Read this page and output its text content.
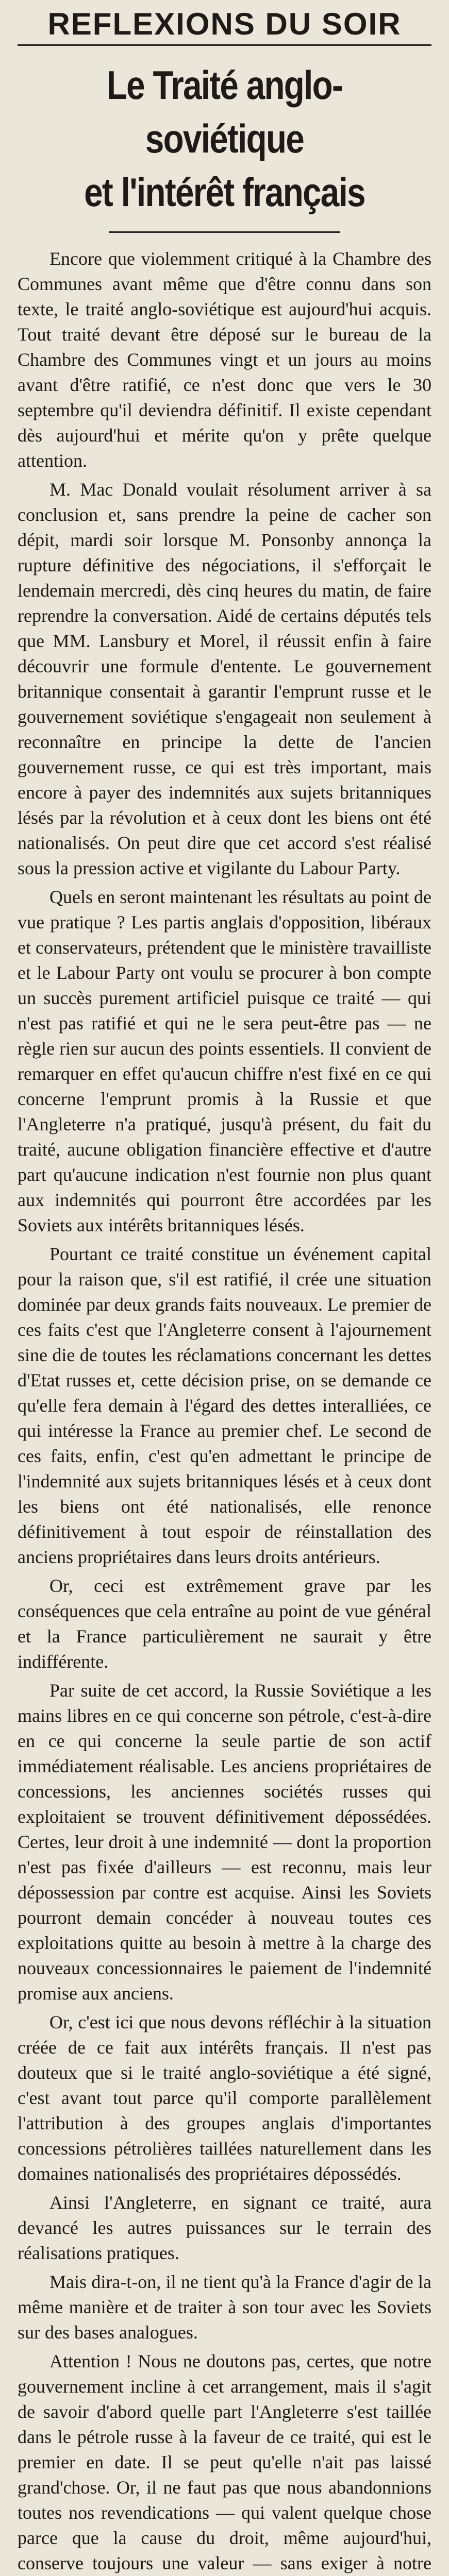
REFLEXIONS DU SOIR
Le Traité anglo-soviétique
et l'intérêt français

Encore que violemment critiqué à la Chambre des Communes avant même que d'être connu dans son texte, le traité anglo-soviétique est aujourd'hui acquis. Tout traité devant être déposé sur le bureau de la Chambre des Communes vingt et un jours au moins avant d'être ratifié, ce n'est donc que vers le 30 septembre qu'il deviendra définitif. Il existe cependant dès aujourd'hui et mérite qu'on y prête quelque attention.

M. Mac Donald voulait résolument arriver à sa conclusion et, sans prendre la peine de cacher son dépit, mardi soir lorsque M. Ponsonby annonça la rupture définitive des négociations, il s'efforçait le lendemain mercredi, dès cinq heures du matin, de faire reprendre la conversation. Aidé de certains députés tels que MM. Lansbury et Morel, il réussit enfin à faire découvrir une formule d'entente. Le gouvernement britannique consentait à garantir l'emprunt russe et le gouvernement soviétique s'engageait non seulement à reconnaître en principe la dette de l'ancien gouvernement russe, ce qui est très important, mais encore à payer des indemnités aux sujets britanniques lésés par la révolution et à ceux dont les biens ont été nationalisés. On peut dire que cet accord s'est réalisé sous la pression active et vigilante du Labour Party.

Quels en seront maintenant les résultats au point de vue pratique ? Les partis anglais d'opposition, libéraux et conservateurs, prétendent que le ministère travailliste et le Labour Party ont voulu se procurer à bon compte un succès purement artificiel puisque ce traité — qui n'est pas ratifié et qui ne le sera peut-être pas — ne règle rien sur aucun des points essentiels. Il convient de remarquer en effet qu'aucun chiffre n'est fixé en ce qui concerne l'emprunt promis à la Russie et que l'Angleterre n'a pratiqué, jusqu'à présent, du fait du traité, aucune obligation financière effective et d'autre part qu'aucune indication n'est fournie non plus quant aux indemnités qui pourront être accordées par les Soviets aux intérêts britanniques lésés.

Pourtant ce traité constitue un événement capital pour la raison que, s'il est ratifié, il crée une situation dominée par deux grands faits nouveaux. Le premier de ces faits c'est que l'Angleterre consent à l'ajournement sine die de toutes les réclamations concernant les dettes d'Etat russes et, cette décision prise, on se demande ce qu'elle fera demain à l'égard des dettes interalliées, ce qui intéresse la France au premier chef. Le second de ces faits, enfin, c'est qu'en admettant le principe de l'indemnité aux sujets britanniques lésés et à ceux dont les biens ont été nationalisés, elle renonce définitivement à tout espoir de réinstallation des anciens propriétaires dans leurs droits antérieurs.

Or, ceci est extrêmement grave par les conséquences que cela entraîne au point de vue général et la France particulièrement ne saurait y être indifférente.

Par suite de cet accord, la Russie Soviétique a les mains libres en ce qui concerne son pétrole, c'est-à-dire en ce qui concerne la seule partie de son actif immédiatement réalisable. Les anciens propriétaires de concessions, les anciennes sociétés russes qui exploitaient se trouvent définitivement dépossédées. Certes, leur droit à une indemnité — dont la proportion n'est pas fixée d'ailleurs — est reconnu, mais leur dépossession par contre est acquise. Ainsi les Soviets pourront demain concéder à nouveau toutes ces exploitations quitte au besoin à mettre à la charge des nouveaux concessionnaires le paiement de l'indemnité promise aux anciens.

Or, c'est ici que nous devons réfléchir à la situation créée de ce fait aux intérêts français. Il n'est pas douteux que si le traité anglo-soviétique a été signé, c'est avant tout parce qu'il comporte parallèlement l'attribution à des groupes anglais d'importantes concessions pétrolières taillées naturellement dans les domaines nationalisés des propriétaires dépossédés.

Ainsi l'Angleterre, en signant ce traité, aura devancé les autres puissances sur le terrain des réalisations pratiques.

Mais dira-t-on, il ne tient qu'à la France d'agir de la même manière et de traiter à son tour avec les Soviets sur des bases analogues.

Attention ! Nous ne doutons pas, certes, que notre gouvernement incline à cet arrangement, mais il s'agit de savoir d'abord quelle part l'Angleterre s'est taillée dans le pétrole russe à la faveur de ce traité, qui est le premier en date. Il se peut qu'elle n'ait pas laissé grand'chose. Or, il ne faut pas que nous abandonnions toutes nos revendications — qui valent quelque chose parce que la cause du droit, même aujourd'hui, conserve toujours une valeur — sans exiger à notre
